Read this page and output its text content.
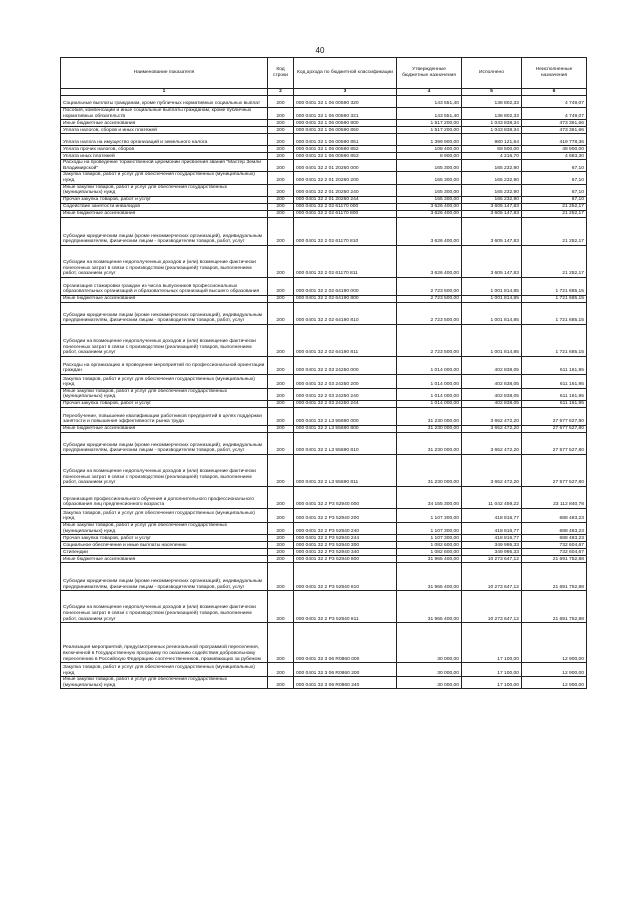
40
Наименование показателя	Код строки	Код дохода по бюджетной классификации	Утвержденные бюджетные назначения	Исполнено	Неисполненные назначения
1	2	3	4	5	6
Социальные выплаты гражданам, кроме публичных нормативных социальных выплат	200	000 0401 32 1 06 00590 320	143 551,40	138 802,33	4 749,07
Пособия, компенсации и иные социальные выплаты гражданам, кроме публичных нормативных обязательств	200	000 0401 32 1 06 00590 321	143 551,40	138 802,33	4 749,07
Иные бюджетные ассигнования	200	000 0401 32 1 06 00590 800	1 517 200,00	1 043 838,34	473 361,66
Уплата налогов, сборов и иных платежей	200	000 0401 32 1 06 00590 850	1 517 200,00	1 043 838,34	473 361,66
Уплата налога на имущество организаций и земельного налога	200	000 0401 32 1 06 00590 851	1 399 900,00	980 121,64	419 778,36
Уплата прочих налогов, сборов	200	000 0401 32 1 06 00590 852	108 400,00	59 500,00	48 900,00
Уплата иных платежей	200	000 0401 32 1 06 00590 853	8 900,00	4 216,70	4 683,30
Расходы на проведение торжественной церемонии присвоения звания "Мастер Земли Владимирской"	200	000 0401 32 2 01 20260 000	165 300,00	165 232,90	67,10
Закупка товаров, работ и услуг для обеспечения государственных (муниципальных) нужд	200	000 0401 32 2 01 20260 200	165 300,00	165 232,90	67,10
Иные закупки товаров, работ и услуг для обеспечения государственных (муниципальных) нужд	200	000 0401 32 2 01 20260 240	165 300,00	165 232,90	67,10
Прочая закупка товаров, работ и услуг	200	000 0401 32 2 01 20260 244	165 300,00	165 232,90	67,10
Содействие занятости инвалидов	200	000 0401 32 2 02 61170 000	3 626 400,00	3 605 147,83	21 252,17
Иные бюджетные ассигнования	200	000 0401 32 2 02 61170 800	3 626 400,00	3 605 147,83	21 252,17
Субсидии юридическим лицам (кроме некоммерческих организаций), индивидуальным предпринимателям, физическим лицам - производителям товаров, работ, услуг	200	000 0401 32 2 02 61170 810	3 626 400,00	3 605 147,83	21 252,17
Субсидии на возмещение недополученных доходов и (или) возмещение фактически понесенных затрат в связи с производством (реализацией) товаров, выполнением работ, оказанием услуг	200	000 0401 32 2 02 61170 811	3 626 400,00	3 605 147,83	21 252,17
Организация стажировки граждан из числа выпускников профессиональных образовательных организаций и образовательных организаций высшего образования	200	000 0401 32 2 02 64190 000	2 723 500,00	1 001 814,85	1 721 685,15
Иные бюджетные ассигнования	200	000 0401 32 2 02 64190 800	2 723 500,00	1 001 814,85	1 721 685,15
Субсидии юридическим лицам (кроме некоммерческих организаций), индивидуальным предпринимателям, физическим лицам - производителям товаров, работ, услуг	200	000 0401 32 2 02 64190 810	2 723 500,00	1 001 814,85	1 721 685,15
Субсидии на возмещение недополученных доходов и (или) возмещение фактически понесенных затрат в связи с производством (реализацией) товаров, выполнением работ, оказанием услуг	200	000 0401 32 2 02 64190 811	2 723 500,00	1 001 814,85	1 721 685,15
Расходы на организацию и проведение мероприятий по профессиональной ориентации граждан	200	000 0401 32 2 03 24250 000	1 014 000,00	402 838,05	611 161,95
Закупка товаров, работ и услуг для обеспечения государственных (муниципальных) нужд	200	000 0401 32 2 03 24250 200	1 014 000,00	402 838,05	611 161,95
Иные закупки товаров, работ и услуг для обеспечения государственных (муниципальных) нужд	200	000 0401 32 2 03 24250 240	1 014 000,00	402 838,05	611 161,95
Прочая закупка товаров, работ и услуг	200	000 0401 32 2 03 24250 244	1 014 000,00	402 838,05	611 161,95
Переобучение, повышение квалификации работников предприятий в целях поддержки занятости и повышения эффективности рынка труда	200	000 0401 32 2 L3 55690 000	31 230 000,00	3 652 472,20	27 577 527,80
Иные бюджетные ассигнования	200	000 0401 32 2 L3 55690 800	31 230 000,00	3 652 472,20	27 577 527,80
Субсидии юридическим лицам (кроме некоммерческих организаций), индивидуальным предпринимателям, физическим лицам - производителям товаров, работ, услуг	200	000 0401 32 2 L3 55690 810	31 230 000,00	3 652 472,20	27 577 527,80
Субсидии на возмещение недополученных доходов и (или) возмещение фактически понесенных затрат в связи с производством (реализацией) товаров, выполнением работ, оказанием услуг	200	000 0401 32 2 L3 55690 811	31 230 000,00	3 652 472,20	27 577 527,80
Организация профессионального обучения и дополнительного профессионального образования лиц предпенсионного возраста	200	000 0401 32 2 P3 52940 000	34 155 300,00	11 042 459,22	23 112 840,78
Закупка товаров, работ и услуг для обеспечения государственных (муниципальных) нужд	200	000 0401 32 2 P3 52940 200	1 107 300,00	418 816,77	688 483,23
Иные закупки товаров, работ и услуг для обеспечения государственных (муниципальных) нужд	200	000 0401 32 2 P3 52940 240	1 107 300,00	418 816,77	688 483,23
Прочая закупка товаров, работ и услуг	200	000 0401 32 2 P3 52940 244	1 107 300,00	418 816,77	688 483,23
Социальное обеспечение и иные выплаты населению	200	000 0401 32 2 P3 52940 300	1 082 600,00	349 995,33	732 604,67
Стипендии	200	000 0401 32 2 P3 52940 340	1 082 600,00	349 995,33	732 604,67
Иные бюджетные ассигнования	200	000 0401 32 2 P3 52940 800	31 965 400,00	10 273 647,12	21 691 752,88
Субсидии юридическим лицам (кроме некоммерческих организаций), индивидуальным предпринимателям, физическим лицам - производителям товаров, работ, услуг	200	000 0401 32 2 P3 52940 810	31 965 400,00	10 273 647,12	21 691 752,88
Субсидии на возмещение недополученных доходов и (или) возмещение фактически понесенных затрат в связи с производством (реализацией) товаров, выполнением работ, оказанием услуг	200	000 0401 32 2 P3 52940 811	31 965 400,00	10 273 647,12	21 691 752,88
Реализация мероприятий, предусмотренных региональной программой переселения, включенной в Государственную программу по оказанию содействия добровольному переселению в Российскую Федерацию соотечественников, проживающих за рубежом	200	000 0401 32 3 06 R0860 000	30 000,00	17 100,00	12 900,00
Закупка товаров, работ и услуг для обеспечения государственных (муниципальных) нужд	200	000 0401 32 3 06 R0860 200	30 000,00	17 100,00	12 900,00
Иные закупки товаров, работ и услуг для обеспечения государственных (муниципальных) нужд	200	000 0401 32 3 06 R0860 240	30 000,00	17 100,00	12 900,00
